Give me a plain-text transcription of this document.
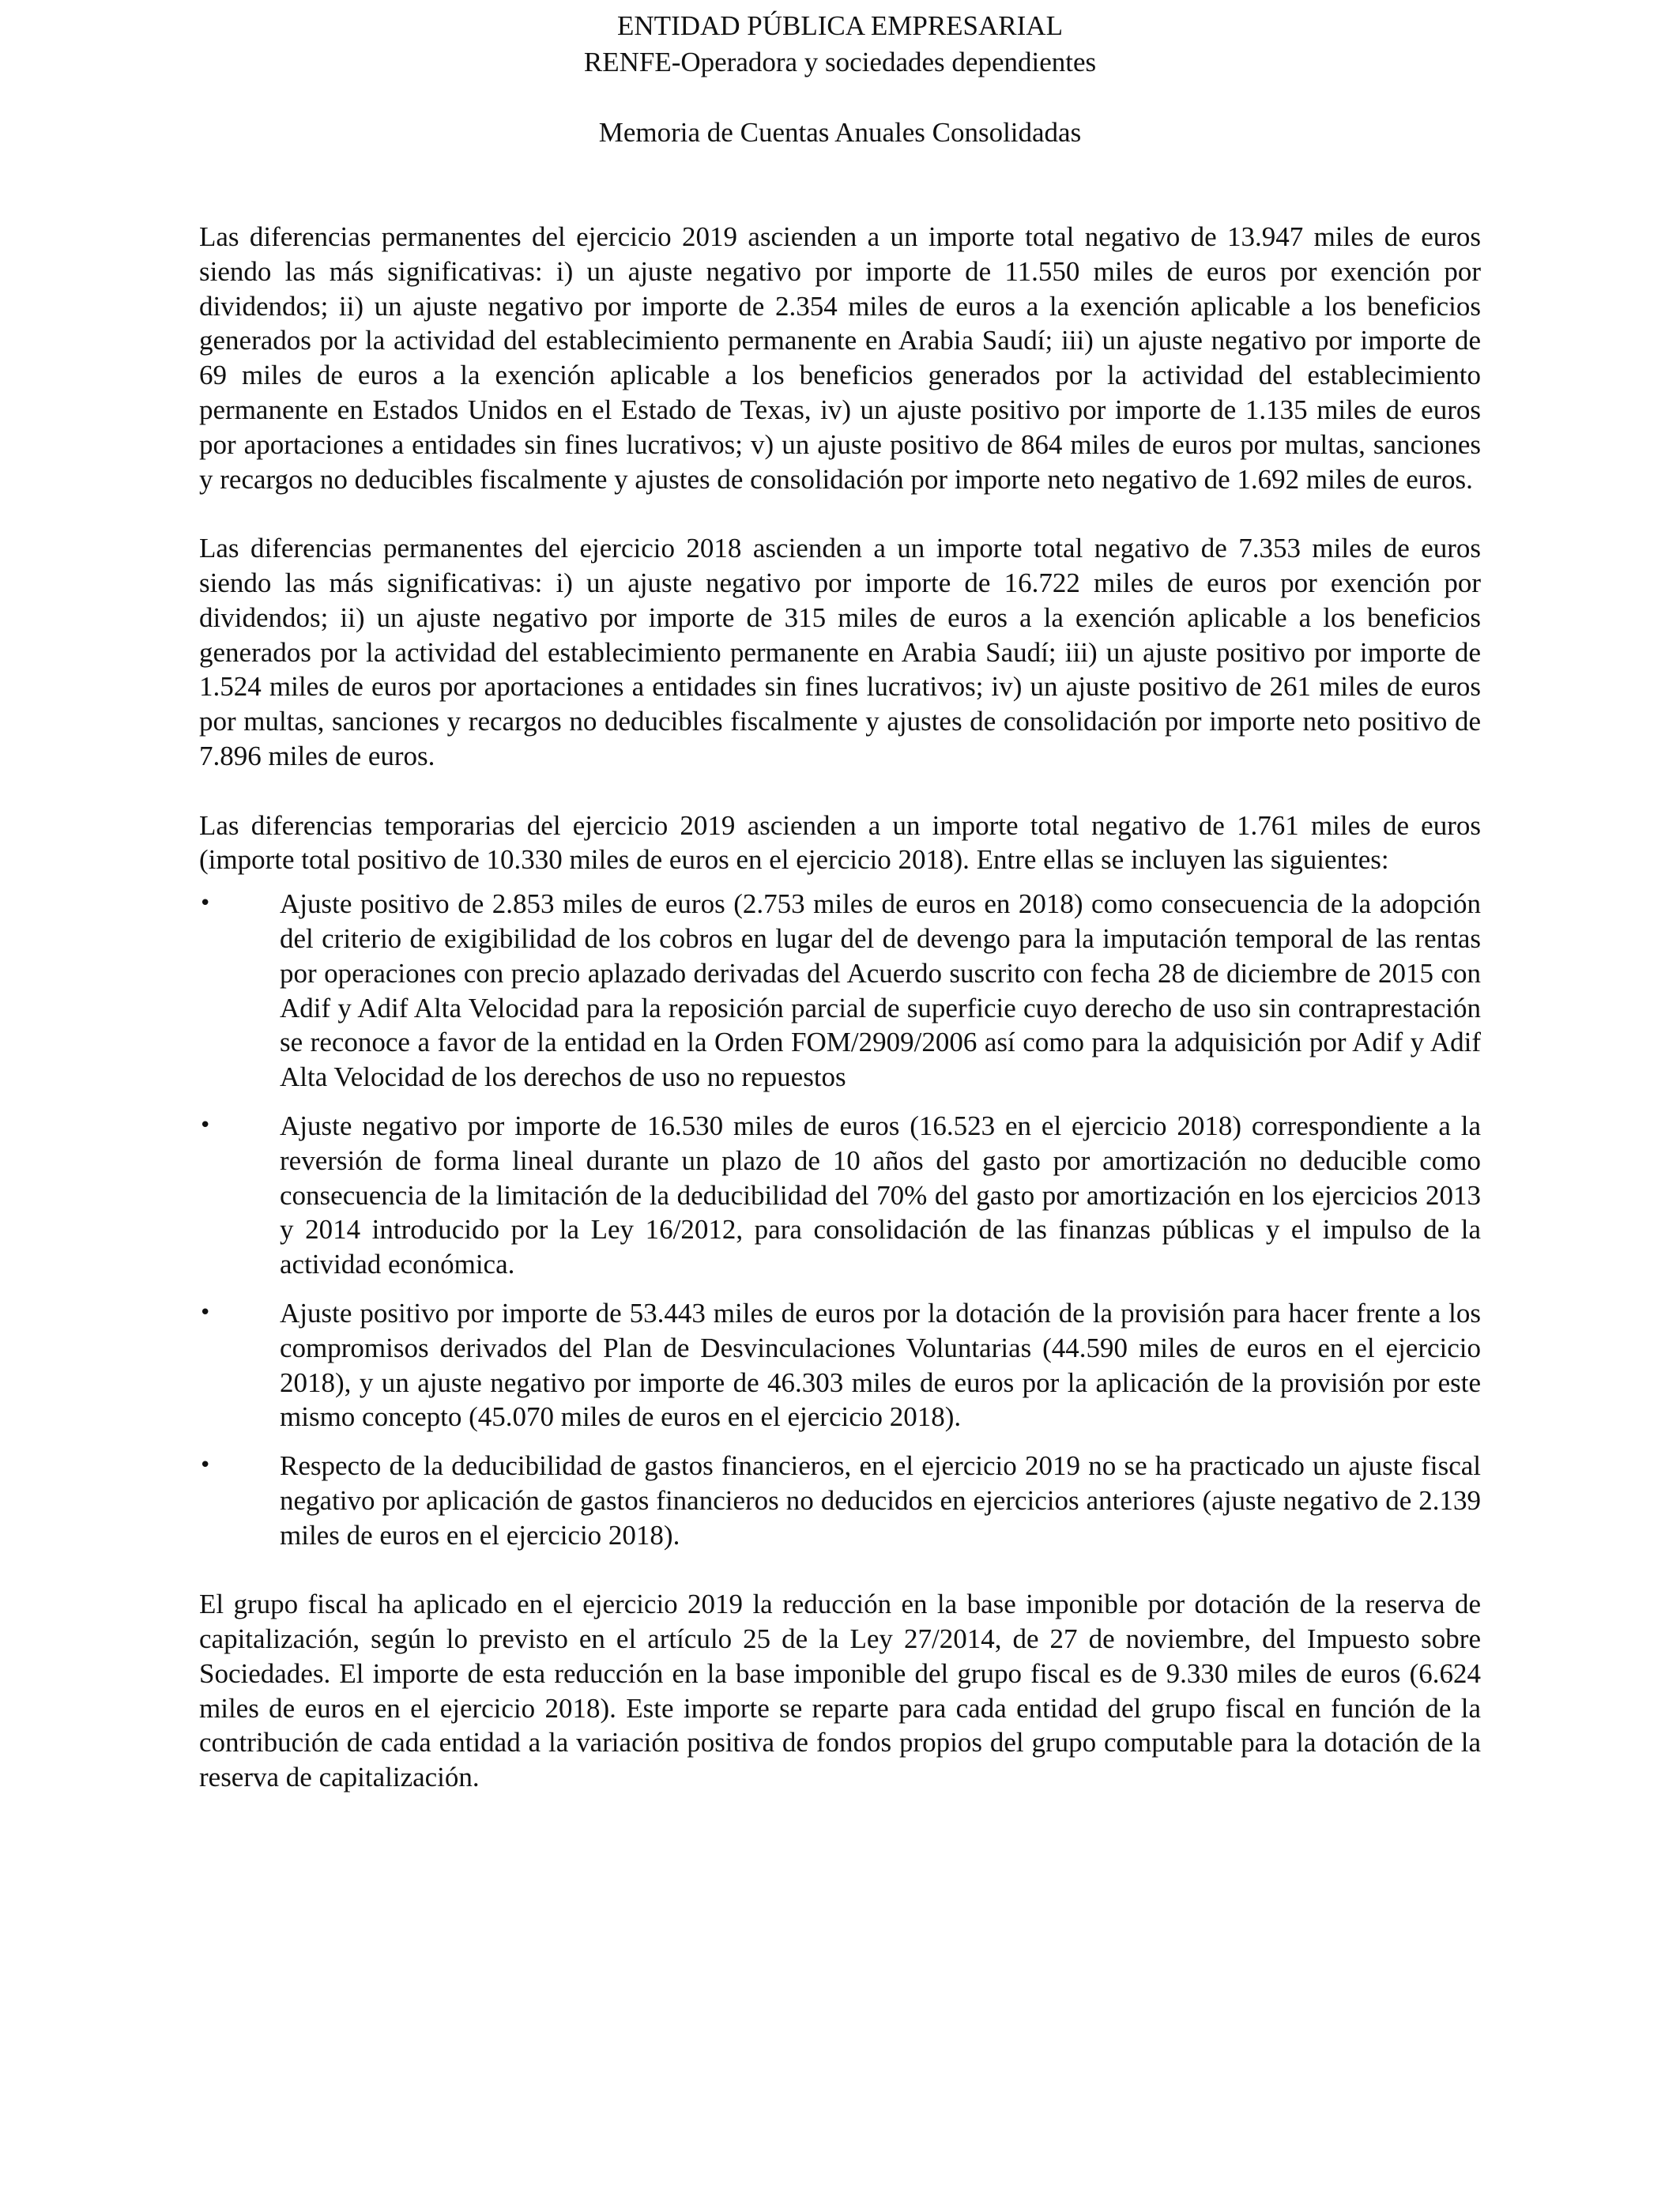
ENTIDAD PÚBLICA EMPRESARIAL
RENFE-Operadora y sociedades dependientes
Memoria de Cuentas Anuales Consolidadas

Las diferencias permanentes del ejercicio 2019 ascienden a un importe total negativo de 13.947 miles de euros siendo las más significativas: i) un ajuste negativo por importe de 11.550 miles de euros por exención por dividendos; ii) un ajuste negativo por importe de 2.354 miles de euros a la exención aplicable a los beneficios generados por la actividad del establecimiento permanente en Arabia Saudí; iii) un ajuste negativo por importe de 69 miles de euros a la exención aplicable a los beneficios generados por la actividad del establecimiento permanente en Estados Unidos en el Estado de Texas, iv) un ajuste positivo por importe de 1.135 miles de euros por aportaciones a entidades sin fines lucrativos; v) un ajuste positivo de 864 miles de euros por multas, sanciones y recargos no deducibles fiscalmente y ajustes de consolidación por importe neto negativo de 1.692 miles de euros.

Las diferencias permanentes del ejercicio 2018 ascienden a un importe total negativo de 7.353 miles de euros siendo las más significativas: i) un ajuste negativo por importe de 16.722 miles de euros por exención por dividendos; ii) un ajuste negativo por importe de 315 miles de euros a la exención aplicable a los beneficios generados por la actividad del establecimiento permanente en Arabia Saudí; iii) un ajuste positivo por importe de 1.524 miles de euros por aportaciones a entidades sin fines lucrativos; iv) un ajuste positivo de 261 miles de euros por multas, sanciones y recargos no deducibles fiscalmente y ajustes de consolidación por importe neto positivo de 7.896 miles de euros.

Las diferencias temporarias del ejercicio 2019 ascienden a un importe total negativo de 1.761 miles de euros (importe total positivo de 10.330 miles de euros en el ejercicio 2018). Entre ellas se incluyen las siguientes:

• Ajuste positivo de 2.853 miles de euros (2.753 miles de euros en 2018) como consecuencia de la adopción del criterio de exigibilidad de los cobros en lugar del de devengo para la imputación temporal de las rentas por operaciones con precio aplazado derivadas del Acuerdo suscrito con fecha 28 de diciembre de 2015 con Adif y Adif Alta Velocidad para la reposición parcial de superficie cuyo derecho de uso sin contraprestación se reconoce a favor de la entidad en la Orden FOM/2909/2006 así como para la adquisición por Adif y Adif Alta Velocidad de los derechos de uso no repuestos
• Ajuste negativo por importe de 16.530 miles de euros (16.523 en el ejercicio 2018) correspondiente a la reversión de forma lineal durante un plazo de 10 años del gasto por amortización no deducible como consecuencia de la limitación de la deducibilidad del 70% del gasto por amortización en los ejercicios 2013 y 2014 introducido por la Ley 16/2012, para consolidación de las finanzas públicas y el impulso de la actividad económica.
• Ajuste positivo por importe de 53.443 miles de euros por la dotación de la provisión para hacer frente a los compromisos derivados del Plan de Desvinculaciones Voluntarias (44.590 miles de euros en el ejercicio 2018), y un ajuste negativo por importe de 46.303 miles de euros por la aplicación de la provisión por este mismo concepto (45.070 miles de euros en el ejercicio 2018).
• Respecto de la deducibilidad de gastos financieros, en el ejercicio 2019 no se ha practicado un ajuste fiscal negativo por aplicación de gastos financieros no deducidos en ejercicios anteriores (ajuste negativo de 2.139 miles de euros en el ejercicio 2018).

El grupo fiscal ha aplicado en el ejercicio 2019 la reducción en la base imponible por dotación de la reserva de capitalización, según lo previsto en el artículo 25 de la Ley 27/2014, de 27 de noviembre, del Impuesto sobre Sociedades. El importe de esta reducción en la base imponible del grupo fiscal es de 9.330 miles de euros (6.624 miles de euros en el ejercicio 2018). Este importe se reparte para cada entidad del grupo fiscal en función de la contribución de cada entidad a la variación positiva de fondos propios del grupo computable para la dotación de la reserva de capitalización.
